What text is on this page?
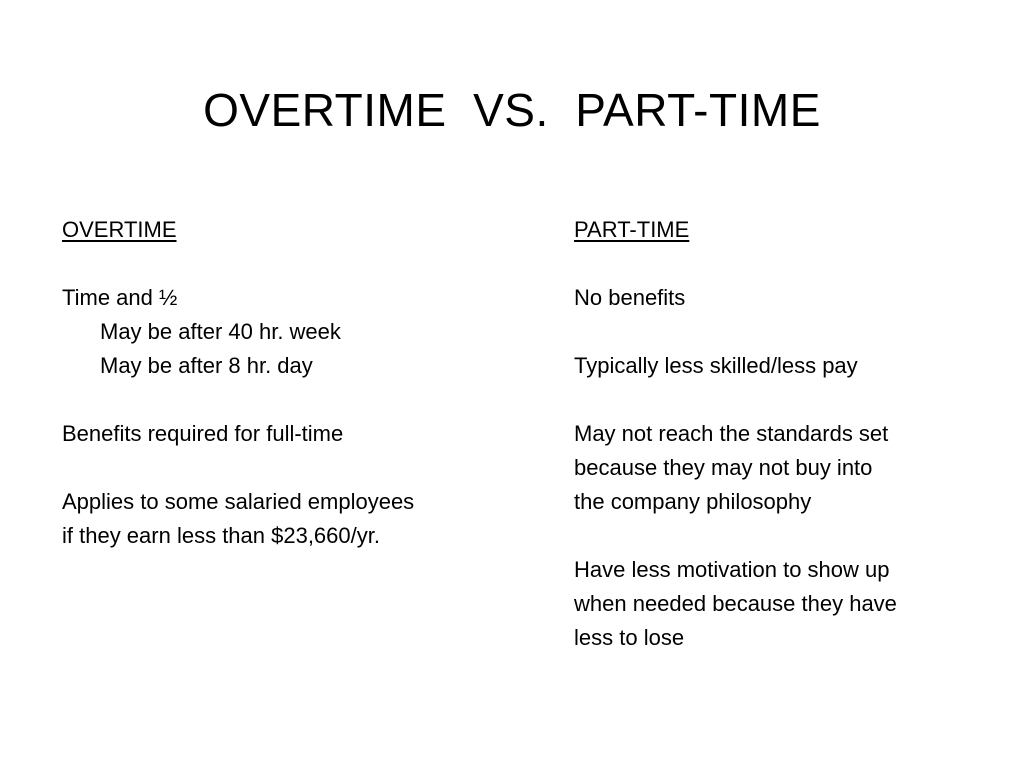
OVERTIME  VS.  PART-TIME
OVERTIME
Time and ½
May be after 40 hr. week
May be after 8 hr. day
Benefits required for full-time
Applies to some salaried employees
if they earn less than $23,660/yr.
PART-TIME
No benefits
Typically less skilled/less pay
May not reach the standards set
because they may not buy into
the company philosophy
Have less motivation to show up
when needed because they have
less to lose
